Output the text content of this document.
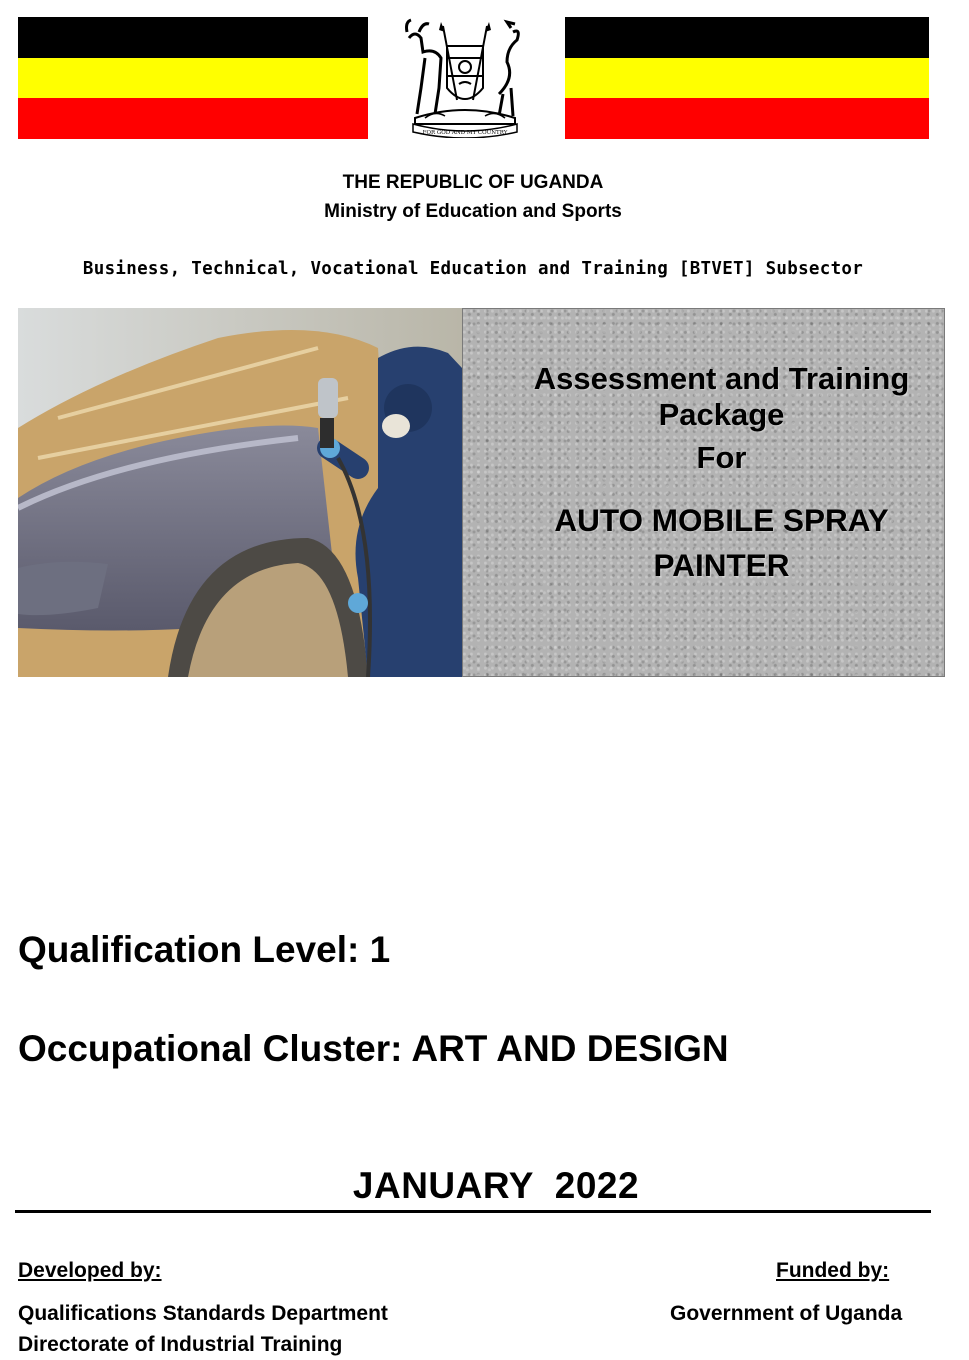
FOR GOD AND MY COUNTRY
THE REPUBLIC OF UGANDA
Ministry of Education and Sports
Business, Technical, Vocational Education and Training [BTVET] Subsector
Assessment and Training
Package
For
AUTO MOBILE SPRAY
PAINTER
Qualification Level: 1
Occupational Cluster: ART AND DESIGN
JANUARY  2022
Developed by:	Funded by:
Qualifications Standards Department
Directorate of Industrial Training
Government of Uganda
